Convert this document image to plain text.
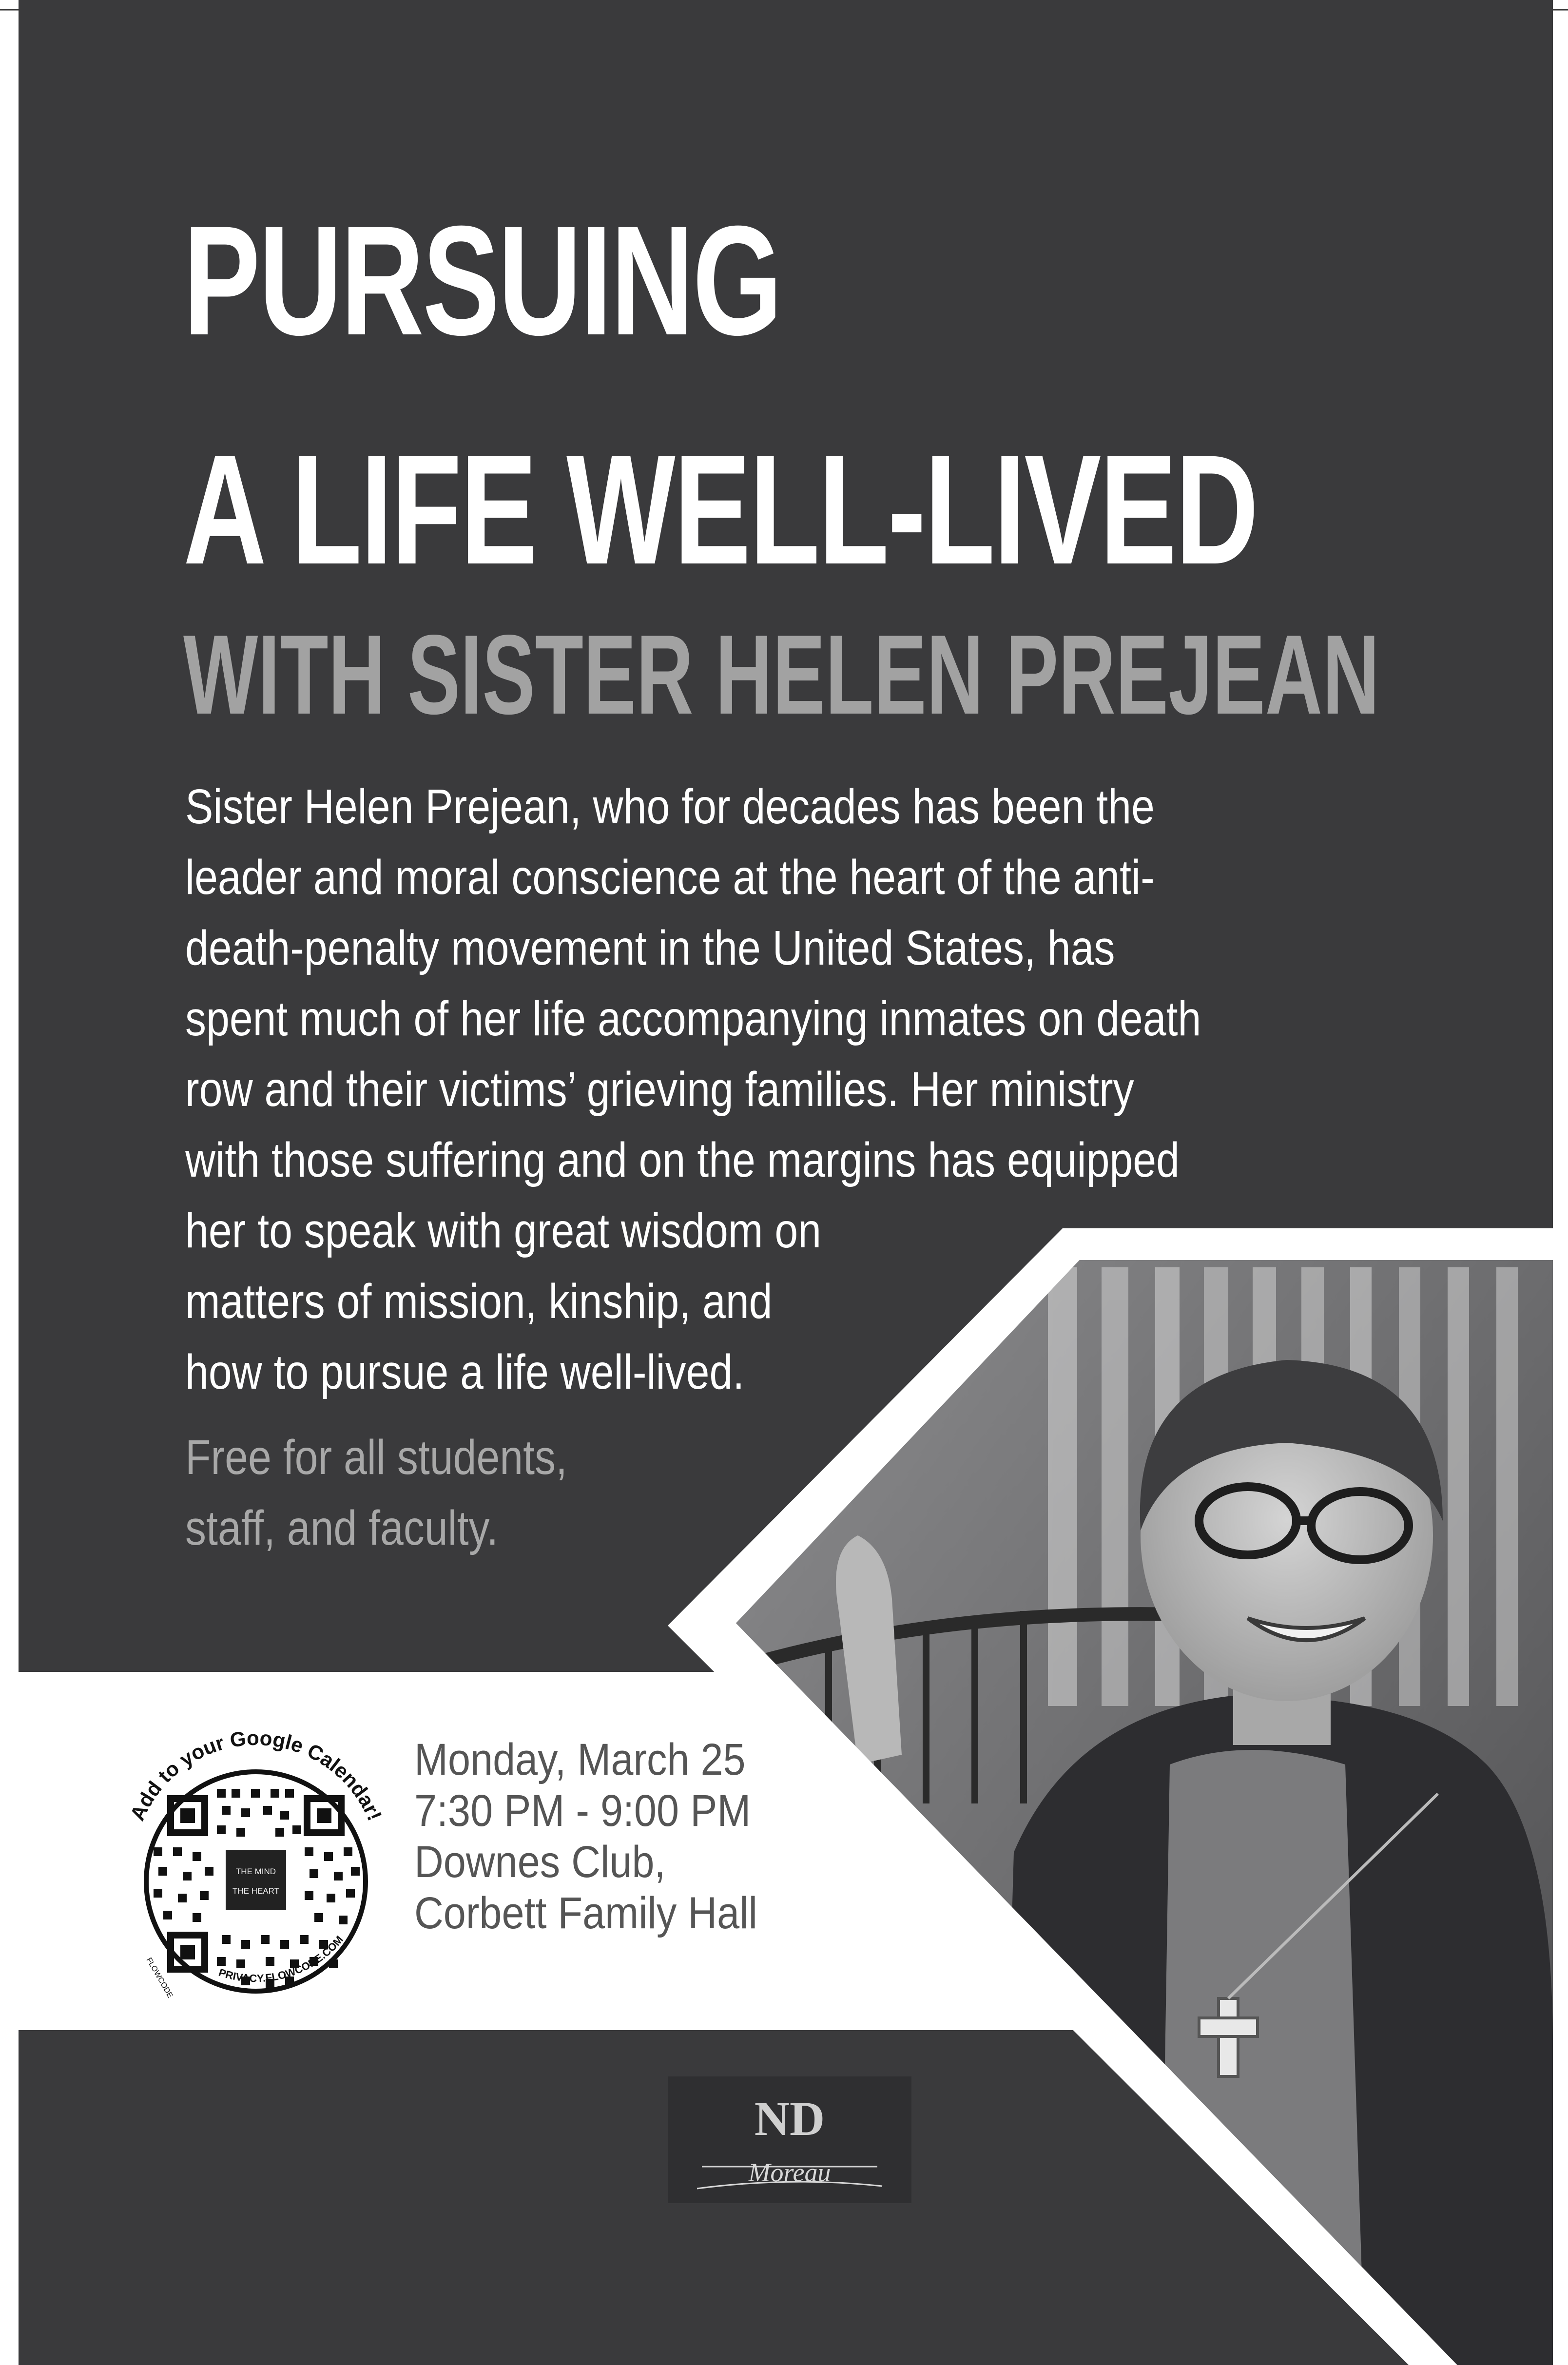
PURSUING
A LIFE WELL-LIVED
WITH SISTER HELEN PREJEAN

Sister Helen Prejean, who for decades has been the

leader and moral conscience at the heart of the anti-

death-penalty movement in the United States, has

spent much of her life accompanying inmates on death

row and their victims’ grieving families. Her ministry

with those suffering and on the margins has equipped

her to speak with great wisdom on

matters of mission, kinship, and

how to pursue a life well-lived.

Free for all students,

staff, and faculty.

Add to your Google Calendar!
THE MIND
THE HEART
PRIVACY.FLOWCODE.COM
FLOWCODE

Monday, March 25

7:30 PM - 9:00 PM

Downes Club,

Corbett Family Hall

ND
Moreau
